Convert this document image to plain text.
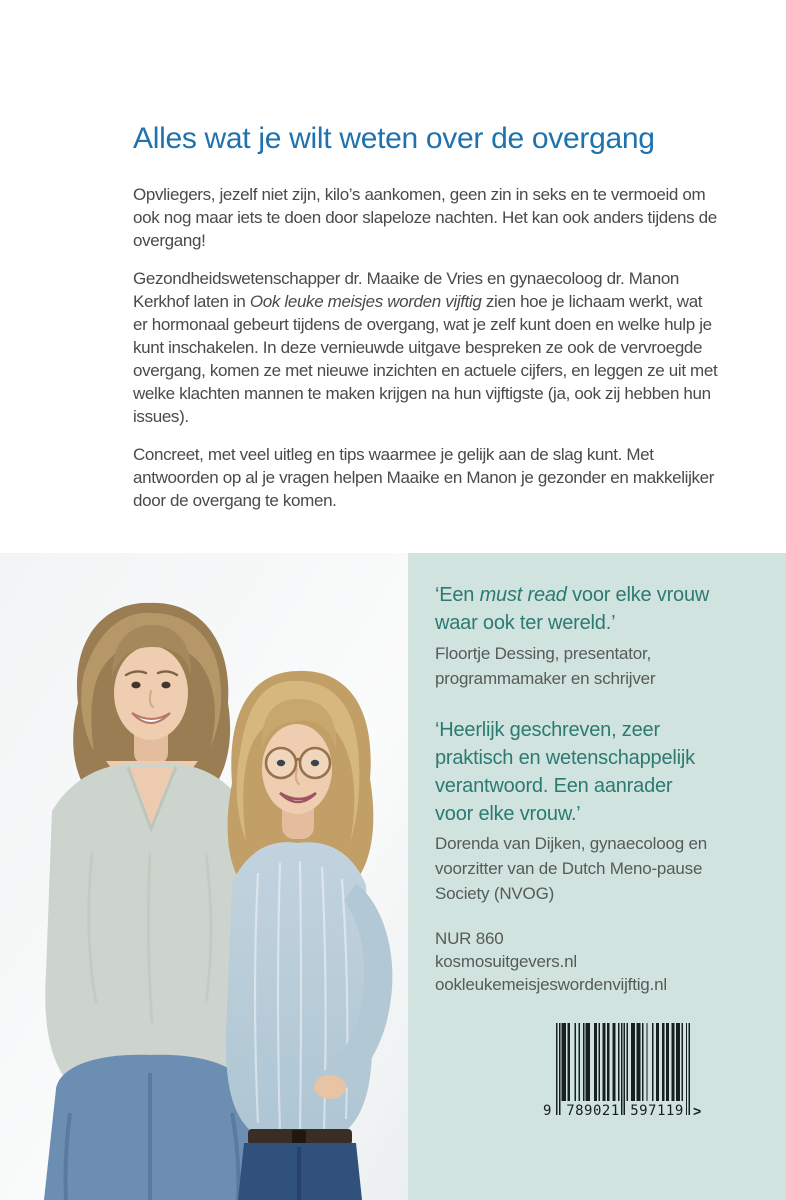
Alles wat je wilt weten over de overgang

Opvliegers, jezelf niet zijn, kilo’s aankomen, geen zin in seks en te vermoeid om ook nog maar iets te doen door slapeloze nachten. Het kan ook anders tijdens de overgang!

Gezondheidswetenschapper dr. Maaike de Vries en gynaecoloog dr. Manon Kerkhof laten in Ook leuke meisjes worden vijftig zien hoe je lichaam werkt, wat er hormonaal gebeurt tijdens de overgang, wat je zelf kunt doen en welke hulp je kunt inschakelen. In deze vernieuwde uitgave bespreken ze ook de vervroegde overgang, komen ze met nieuwe inzichten en actuele cijfers, en leggen ze uit met welke klachten mannen te maken krijgen na hun vijftigste (ja, ook zij hebben hun issues).

Concreet, met veel uitleg en tips waarmee je gelijk aan de slag kunt. Met antwoorden op al je vragen helpen Maaike en Manon je gezonder en makkelijker door de overgang te komen.

‘Een must read voor elke vrouw waar ook ter wereld.’

Floortje Dessing, presentator, programmamaker en schrijver

‘Heerlijk geschreven, zeer praktisch en wetenschappelijk verantwoord. Een aanrader voor elke vrouw.’

Dorenda van Dijken, gynaecoloog en voorzitter van de Dutch Meno-pause Society (NVOG)

NUR 860

kosmosuitgevers.nl

ookleukemeisjeswordenvijftig.nl

9 789021 597119 >
